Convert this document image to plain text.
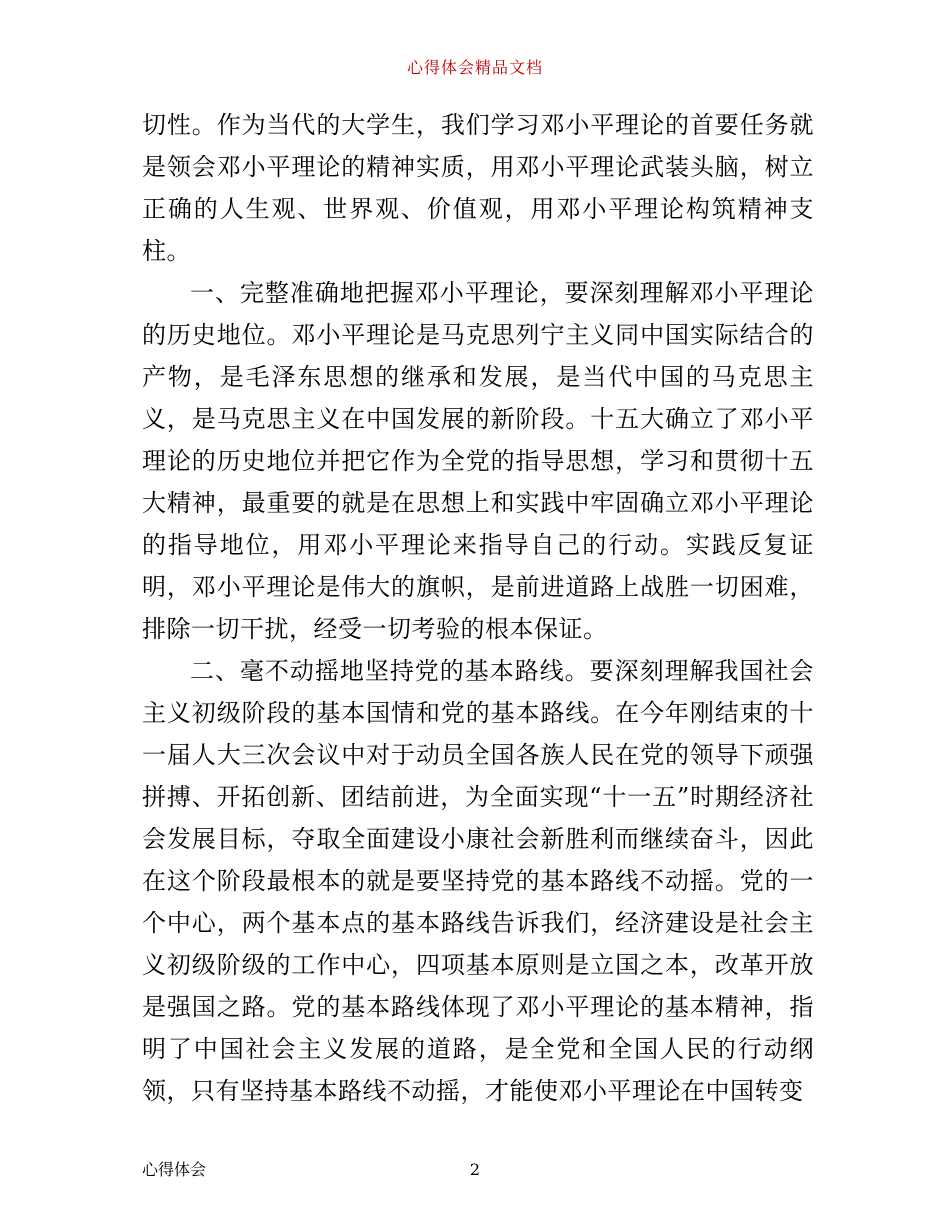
心得体会精品文档

切性。作为当代的大学生，我们学习邓小平理论的首要任务就是领会邓小平理论的精神实质，用邓小平理论武装头脑，树立正确的人生观、世界观、价值观，用邓小平理论构筑精神支柱。

一、完整准确地把握邓小平理论，要深刻理解邓小平理论的历史地位。邓小平理论是马克思列宁主义同中国实际结合的产物，是毛泽东思想的继承和发展，是当代中国的马克思主义，是马克思主义在中国发展的新阶段。十五大确立了邓小平理论的历史地位并把它作为全党的指导思想，学习和贯彻十五大精神，最重要的就是在思想上和实践中牢固确立邓小平理论的指导地位，用邓小平理论来指导自己的行动。实践反复证明，邓小平理论是伟大的旗帜，是前进道路上战胜一切困难，排除一切干扰，经受一切考验的根本保证。

二、毫不动摇地坚持党的基本路线。要深刻理解我国社会主义初级阶段的基本国情和党的基本路线。在今年刚结束的十一届人大三次会议中对于动员全国各族人民在党的领导下顽强拼搏、开拓创新、团结前进，为全面实现“十一五”时期经济社会发展目标，夺取全面建设小康社会新胜利而继续奋斗，因此在这个阶段最根本的就是要坚持党的基本路线不动摇。党的一个中心，两个基本点的基本路线告诉我们，经济建设是社会主义初级阶级的工作中心，四项基本原则是立国之本，改革开放是强国之路。党的基本路线体现了邓小平理论的基本精神，指明了中国社会主义发展的道路，是全党和全国人民的行动纲领，只有坚持基本路线不动摇，才能使邓小平理论在中国转变

心得体会	2
